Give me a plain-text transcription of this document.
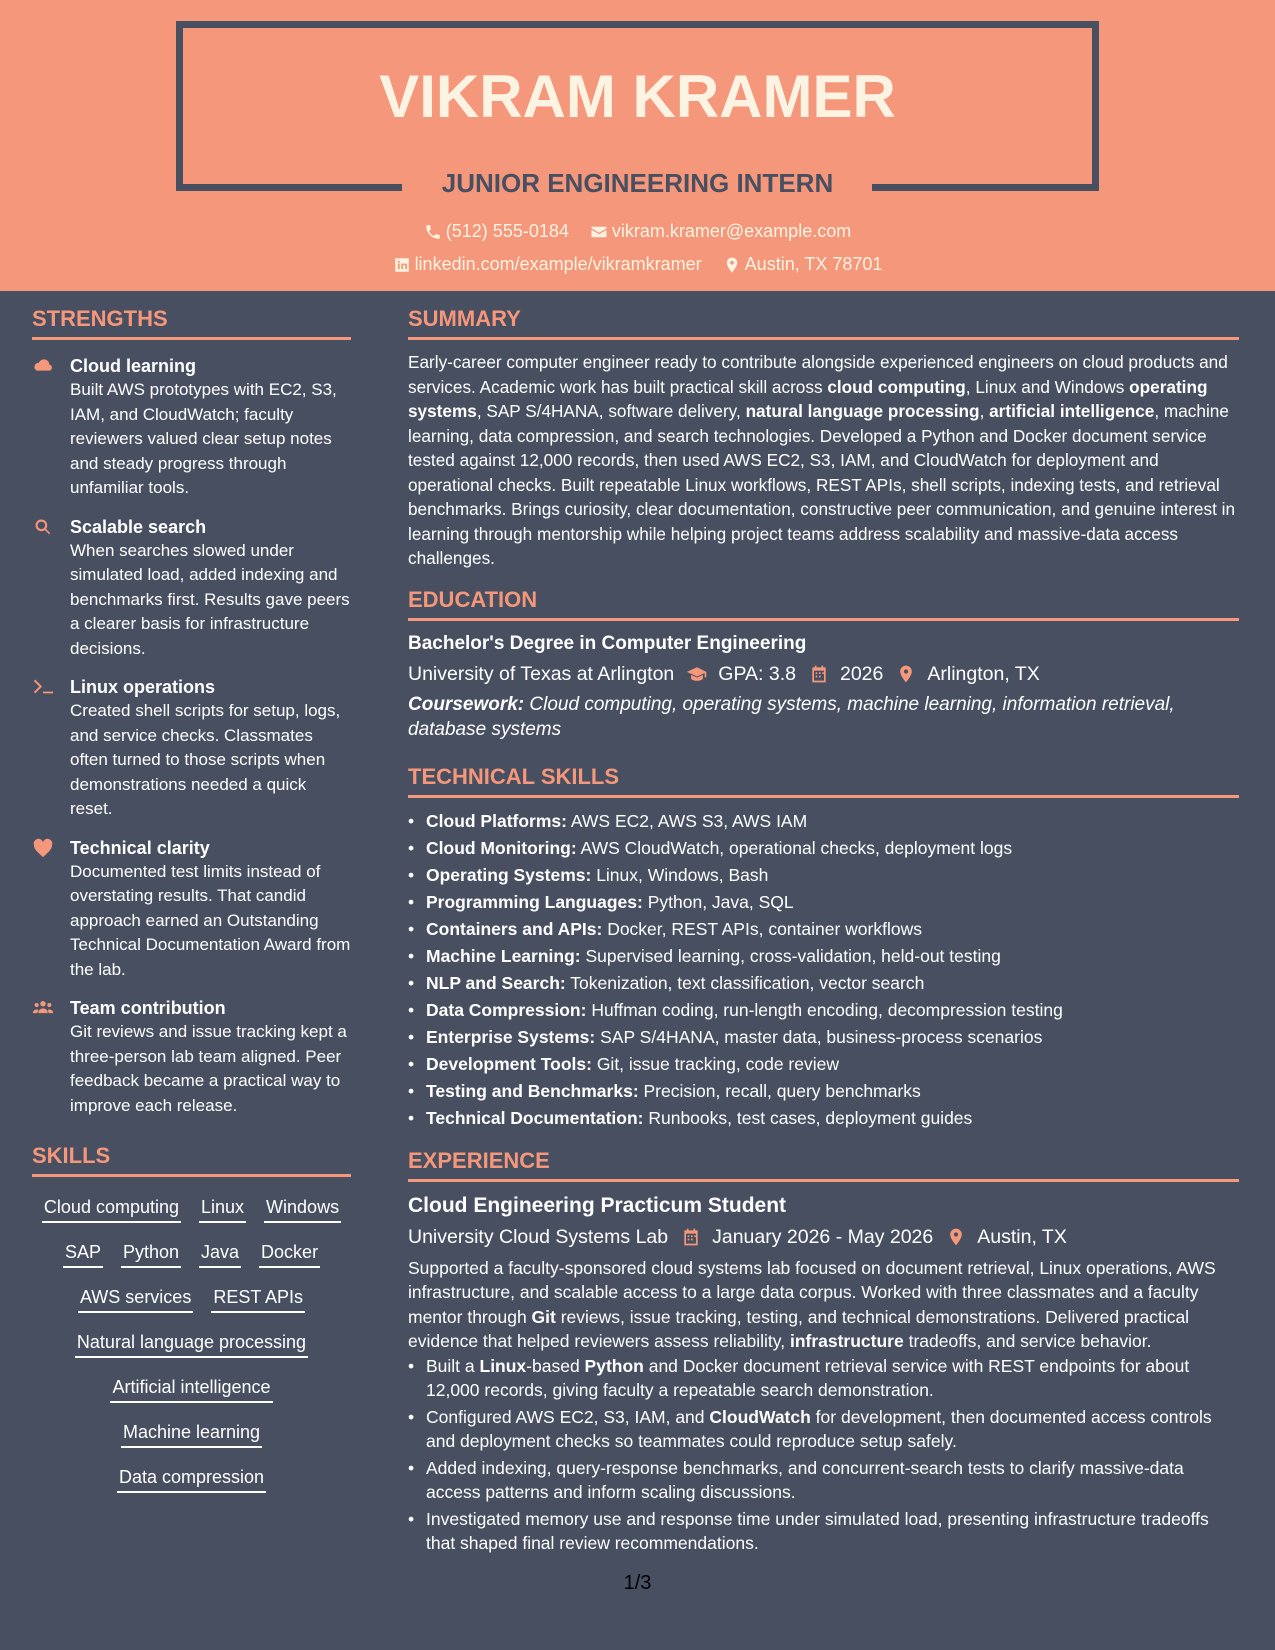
VIKRAM KRAMER
JUNIOR ENGINEERING INTERN
(512) 555-0184
vikram.kramer@example.com
linkedin.com/example/vikramkramer
Austin, TX 78701
STRENGTHS
Cloud learning
Built AWS prototypes with EC2, S3, IAM, and CloudWatch; faculty reviewers valued clear setup notes and steady progress through unfamiliar tools.
Scalable search
When searches slowed under simulated load, added indexing and benchmarks first. Results gave peers a clearer basis for infrastructure decisions.
Linux operations
Created shell scripts for setup, logs, and service checks. Classmates often turned to those scripts when demonstrations needed a quick reset.
Technical clarity
Documented test limits instead of overstating results. That candid approach earned an Outstanding Technical Documentation Award from the lab.
Team contribution
Git reviews and issue tracking kept a three-person lab team aligned. Peer feedback became a practical way to improve each release.
SKILLS
Cloud computing Linux Windows
SAP Python Java Docker
AWS services REST APIs
Natural language processing
Artificial intelligence
Machine learning
Data compression
SUMMARY

Early-career computer engineer ready to contribute alongside experienced engineers on cloud products and services. Academic work has built practical skill across cloud computing, Linux and Windows operating systems, SAP S/4HANA, software delivery, natural language processing, artificial intelligence, machine learning, data compression, and search technologies. Developed a Python and Docker document service tested against 12,000 records, then used AWS EC2, S3, IAM, and CloudWatch for deployment and operational checks. Built repeatable Linux workflows, REST APIs, shell scripts, indexing tests, and retrieval benchmarks. Brings curiosity, clear documentation, constructive peer communication, and genuine interest in learning through mentorship while helping project teams address scalability and massive-data access challenges.

EDUCATION
Bachelor's Degree in Computer Engineering
University of Texas at Arlington GPA: 3.8 2026 Arlington, TX
Coursework: Cloud computing, operating systems, machine learning, information retrieval, database systems
TECHNICAL SKILLS
• Cloud Platforms: AWS EC2, AWS S3, AWS IAM
• Cloud Monitoring: AWS CloudWatch, operational checks, deployment logs
• Operating Systems: Linux, Windows, Bash
• Programming Languages: Python, Java, SQL
• Containers and APIs: Docker, REST APIs, container workflows
• Machine Learning: Supervised learning, cross-validation, held-out testing
• NLP and Search: Tokenization, text classification, vector search
• Data Compression: Huffman coding, run-length encoding, decompression testing
• Enterprise Systems: SAP S/4HANA, master data, business-process scenarios
• Development Tools: Git, issue tracking, code review
• Testing and Benchmarks: Precision, recall, query benchmarks
• Technical Documentation: Runbooks, test cases, deployment guides
EXPERIENCE
Cloud Engineering Practicum Student
University Cloud Systems Lab January 2026 - May 2026 Austin, TX

Supported a faculty-sponsored cloud systems lab focused on document retrieval, Linux operations, AWS infrastructure, and scalable access to a large data corpus. Worked with three classmates and a faculty mentor through Git reviews, issue tracking, testing, and technical demonstrations. Delivered practical evidence that helped reviewers assess reliability, infrastructure tradeoffs, and service behavior.

• Built a Linux-based Python and Docker document retrieval service with REST endpoints for about 12,000 records, giving faculty a repeatable search demonstration.
• Configured AWS EC2, S3, IAM, and CloudWatch for development, then documented access controls and deployment checks so teammates could reproduce setup safely.
• Added indexing, query-response benchmarks, and concurrent-search tests to clarify massive-data access patterns and inform scaling discussions.
• Investigated memory use and response time under simulated load, presenting infrastructure tradeoffs that shaped final review recommendations.
1/3
